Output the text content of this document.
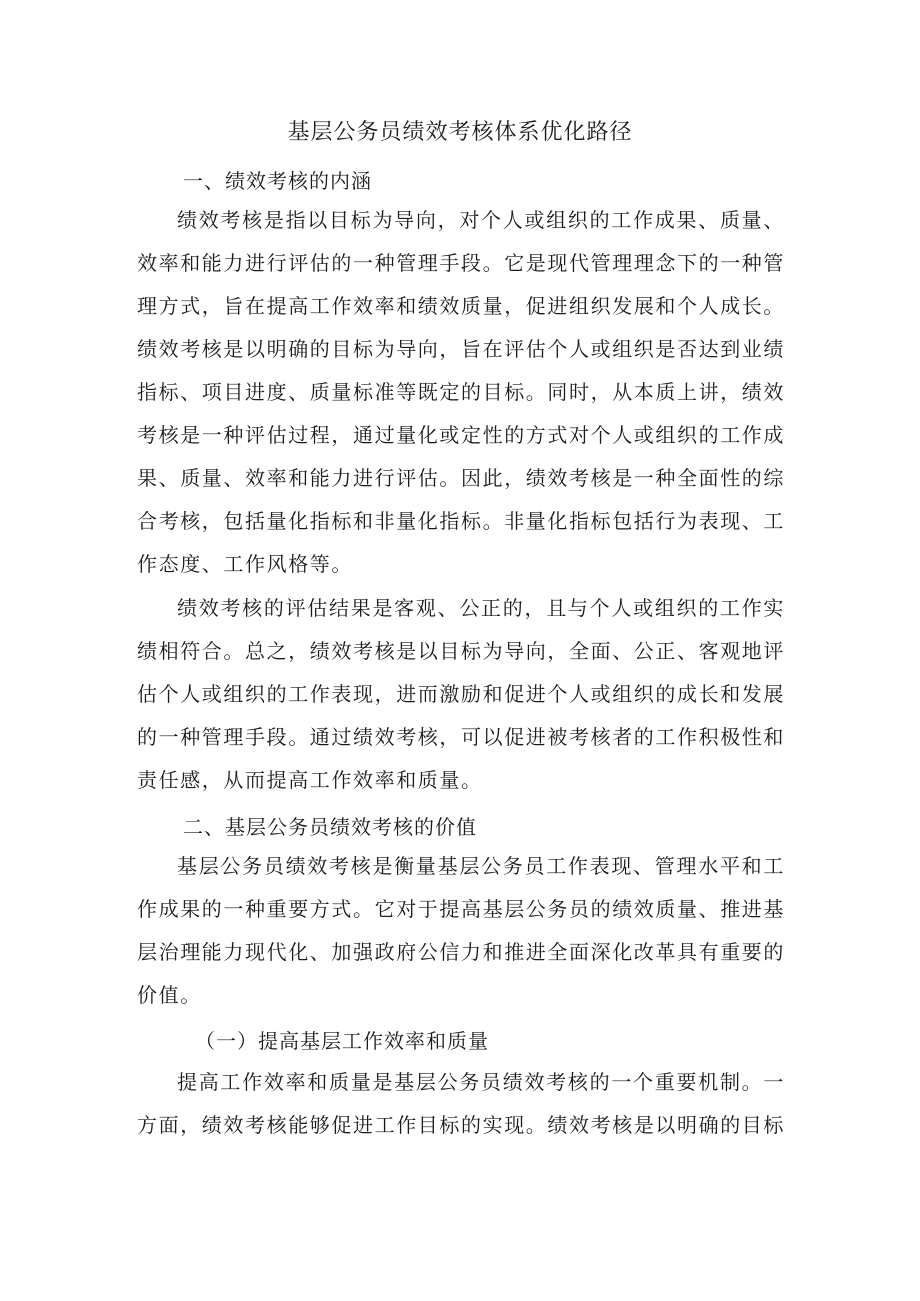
基层公务员绩效考核体系优化路径
一、绩效考核的内涵
绩效考核是指以目标为导向，对个人或组织的工作成果、质量、效率和能力进行评估的一种管理手段。它是现代管理理念下的一种管理方式，旨在提高工作效率和绩效质量，促进组织发展和个人成长。绩效考核是以明确的目标为导向，旨在评估个人或组织是否达到业绩指标、项目进度、质量标准等既定的目标。同时，从本质上讲，绩效考核是一种评估过程，通过量化或定性的方式对个人或组织的工作成果、质量、效率和能力进行评估。因此，绩效考核是一种全面性的综合考核，包括量化指标和非量化指标。非量化指标包括行为表现、工作态度、工作风格等。
绩效考核的评估结果是客观、公正的，且与个人或组织的工作实绩相符合。总之，绩效考核是以目标为导向，全面、公正、客观地评估个人或组织的工作表现，进而激励和促进个人或组织的成长和发展的一种管理手段。通过绩效考核，可以促进被考核者的工作积极性和责任感，从而提高工作效率和质量。
二、基层公务员绩效考核的价值
基层公务员绩效考核是衡量基层公务员工作表现、管理水平和工作成果的一种重要方式。它对于提高基层公务员的绩效质量、推进基层治理能力现代化、加强政府公信力和推进全面深化改革具有重要的价值。
（一）提高基层工作效率和质量
提高工作效率和质量是基层公务员绩效考核的一个重要机制。一方面，绩效考核能够促进工作目标的实现。绩效考核是以明确的目标
